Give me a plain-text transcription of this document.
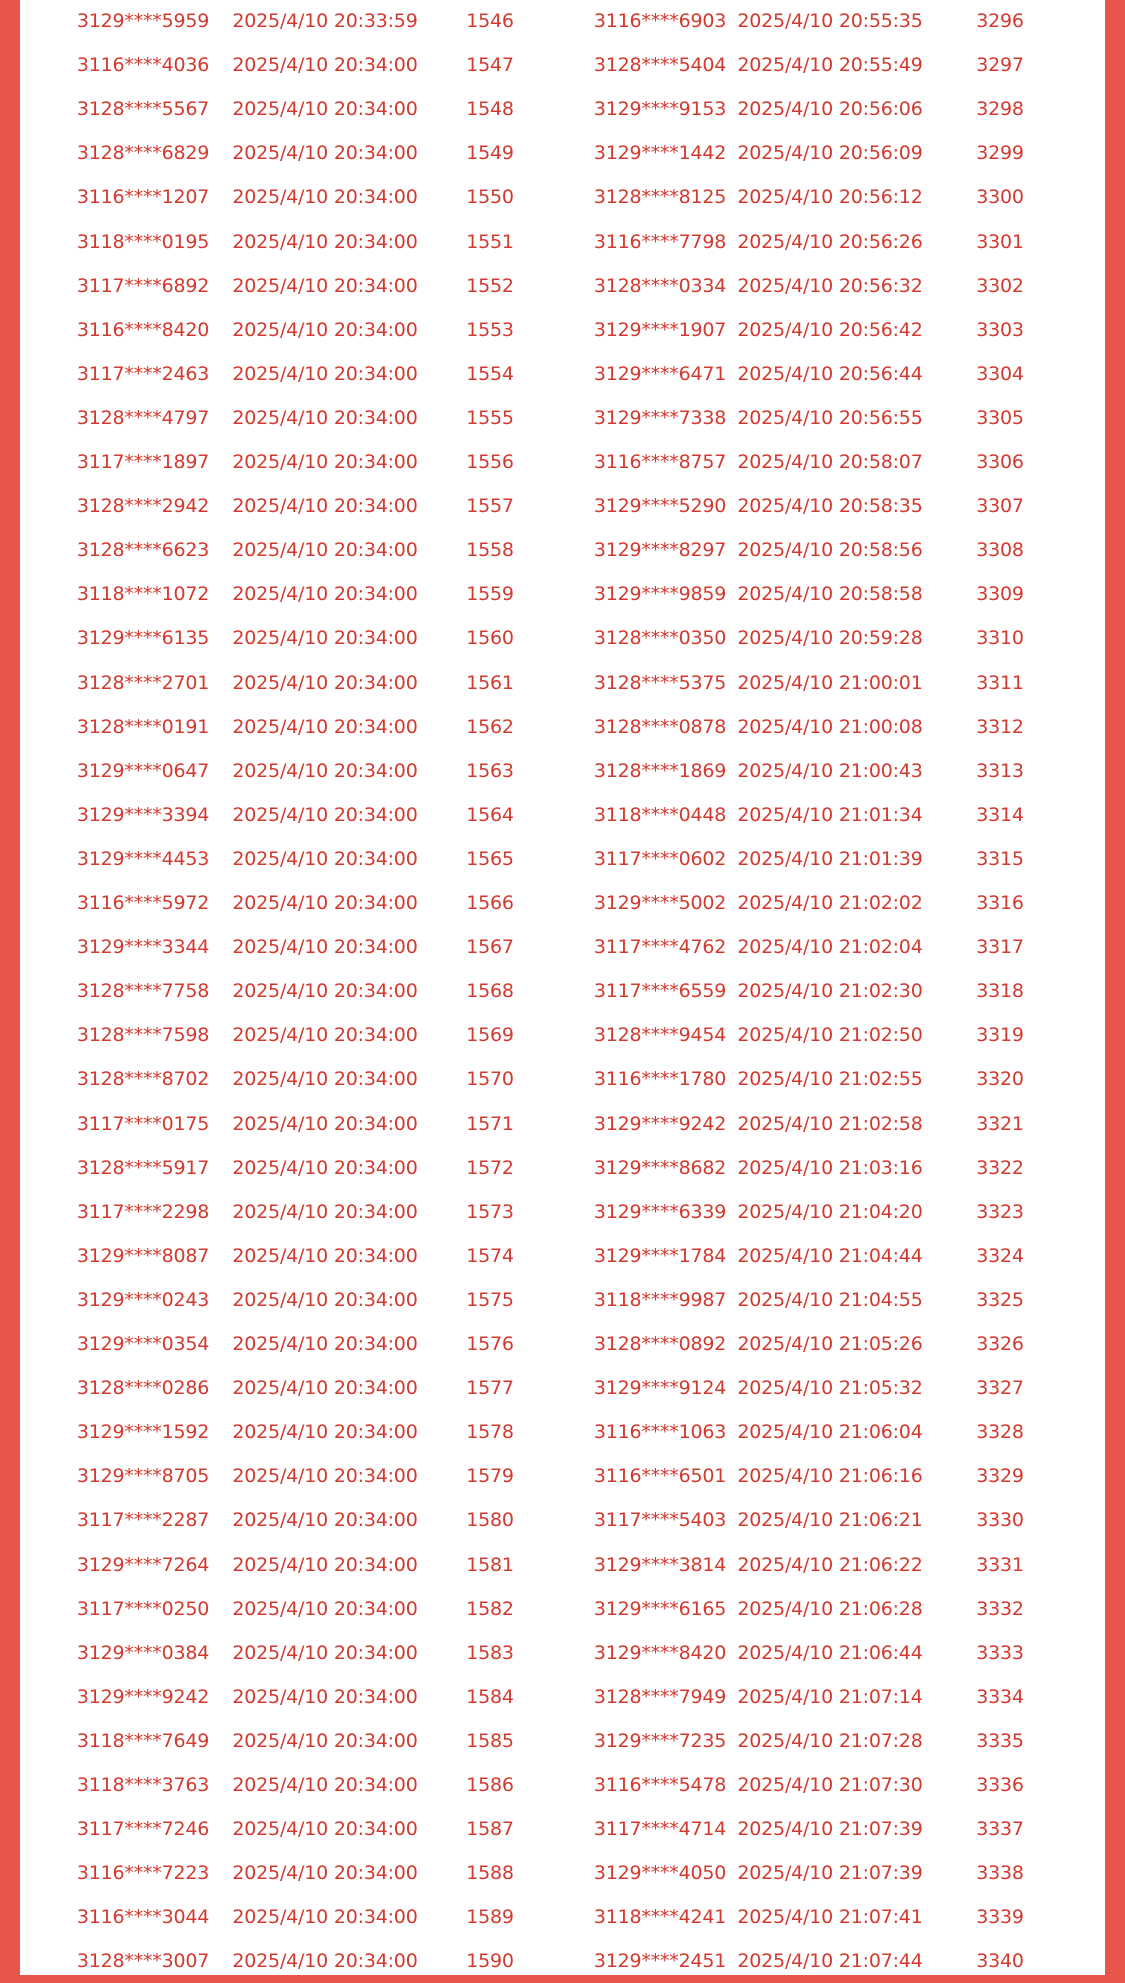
3129****5959	2025/4/10 20:33:59	1546	3116****6903 2025/4/10 20:55:35	3296
3116****4036	2025/4/10 20:34:00	1547	3128****5404 2025/4/10 20:55:49	3297
3128****5567	2025/4/10 20:34:00	1548	3129****9153 2025/4/10 20:56:06	3298
3128****6829	2025/4/10 20:34:00	1549	3129****1442 2025/4/10 20:56:09	3299
3116****1207	2025/4/10 20:34:00	1550	3128****8125 2025/4/10 20:56:12	3300
3118****0195	2025/4/10 20:34:00	1551	3116****7798 2025/4/10 20:56:26	3301
3117****6892	2025/4/10 20:34:00	1552	3128****0334 2025/4/10 20:56:32	3302
3116****8420	2025/4/10 20:34:00	1553	3129****1907 2025/4/10 20:56:42	3303
3117****2463	2025/4/10 20:34:00	1554	3129****6471 2025/4/10 20:56:44	3304
3128****4797	2025/4/10 20:34:00	1555	3129****7338 2025/4/10 20:56:55	3305
3117****1897	2025/4/10 20:34:00	1556	3116****8757 2025/4/10 20:58:07	3306
3128****2942	2025/4/10 20:34:00	1557	3129****5290 2025/4/10 20:58:35	3307
3128****6623	2025/4/10 20:34:00	1558	3129****8297 2025/4/10 20:58:56	3308
3118****1072	2025/4/10 20:34:00	1559	3129****9859 2025/4/10 20:58:58	3309
3129****6135	2025/4/10 20:34:00	1560	3128****0350 2025/4/10 20:59:28	3310
3128****2701	2025/4/10 20:34:00	1561	3128****5375 2025/4/10 21:00:01	3311
3128****0191	2025/4/10 20:34:00	1562	3128****0878 2025/4/10 21:00:08	3312
3129****0647	2025/4/10 20:34:00	1563	3128****1869 2025/4/10 21:00:43	3313
3129****3394	2025/4/10 20:34:00	1564	3118****0448 2025/4/10 21:01:34	3314
3129****4453	2025/4/10 20:34:00	1565	3117****0602 2025/4/10 21:01:39	3315
3116****5972	2025/4/10 20:34:00	1566	3129****5002 2025/4/10 21:02:02	3316
3129****3344	2025/4/10 20:34:00	1567	3117****4762 2025/4/10 21:02:04	3317
3128****7758	2025/4/10 20:34:00	1568	3117****6559 2025/4/10 21:02:30	3318
3128****7598	2025/4/10 20:34:00	1569	3128****9454 2025/4/10 21:02:50	3319
3128****8702	2025/4/10 20:34:00	1570	3116****1780 2025/4/10 21:02:55	3320
3117****0175	2025/4/10 20:34:00	1571	3129****9242 2025/4/10 21:02:58	3321
3128****5917	2025/4/10 20:34:00	1572	3129****8682 2025/4/10 21:03:16	3322
3117****2298	2025/4/10 20:34:00	1573	3129****6339 2025/4/10 21:04:20	3323
3129****8087	2025/4/10 20:34:00	1574	3129****1784 2025/4/10 21:04:44	3324
3129****0243	2025/4/10 20:34:00	1575	3118****9987 2025/4/10 21:04:55	3325
3129****0354	2025/4/10 20:34:00	1576	3128****0892 2025/4/10 21:05:26	3326
3128****0286	2025/4/10 20:34:00	1577	3129****9124 2025/4/10 21:05:32	3327
3129****1592	2025/4/10 20:34:00	1578	3116****1063 2025/4/10 21:06:04	3328
3129****8705	2025/4/10 20:34:00	1579	3116****6501 2025/4/10 21:06:16	3329
3117****2287	2025/4/10 20:34:00	1580	3117****5403 2025/4/10 21:06:21	3330
3129****7264	2025/4/10 20:34:00	1581	3129****3814 2025/4/10 21:06:22	3331
3117****0250	2025/4/10 20:34:00	1582	3129****6165 2025/4/10 21:06:28	3332
3129****0384	2025/4/10 20:34:00	1583	3129****8420 2025/4/10 21:06:44	3333
3129****9242	2025/4/10 20:34:00	1584	3128****7949 2025/4/10 21:07:14	3334
3118****7649	2025/4/10 20:34:00	1585	3129****7235 2025/4/10 21:07:28	3335
3118****3763	2025/4/10 20:34:00	1586	3116****5478 2025/4/10 21:07:30	3336
3117****7246	2025/4/10 20:34:00	1587	3117****4714 2025/4/10 21:07:39	3337
3116****7223	2025/4/10 20:34:00	1588	3129****4050 2025/4/10 21:07:39	3338
3116****3044	2025/4/10 20:34:00	1589	3118****4241 2025/4/10 21:07:41	3339
3128****3007	2025/4/10 20:34:00	1590	3129****2451 2025/4/10 21:07:44	3340
